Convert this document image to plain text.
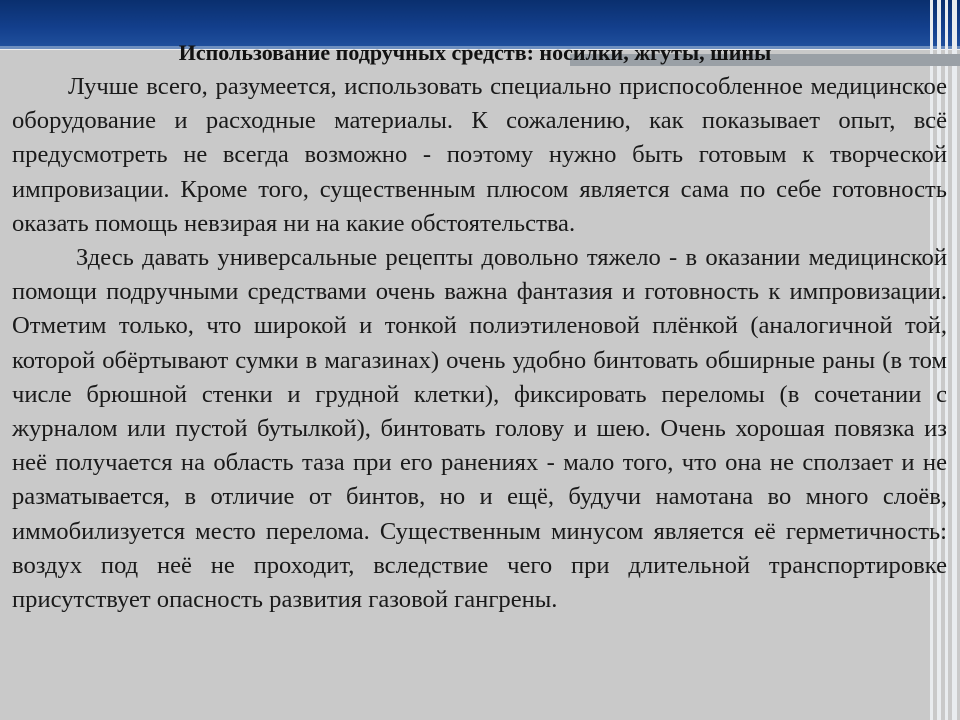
Использование подручных средств: носилки, жгуты, шины

Лучше всего, разумеется, использовать специально приспособленное медицинское оборудование и расходные материалы. К сожалению, как показывает опыт, всё предусмотреть не всегда возможно - поэтому нужно быть готовым к творческой импровизации. Кроме того, существенным плюсом является сама по себе готовность оказать помощь невзирая ни на какие обстоятельства.

Здесь давать универсальные рецепты довольно тяжело - в оказании медицинской помощи подручными средствами очень важна фантазия и готовность к импровизации. Отметим только, что широкой и тонкой полиэтиленовой плёнкой (аналогичной той, которой обёртывают сумки в магазинах) очень удобно бинтовать обширные раны (в том числе брюшной стенки и грудной клетки), фиксировать переломы (в сочетании с журналом или пустой бутылкой), бинтовать голову и шею. Очень хорошая повязка из неё получается на область таза при его ранениях - мало того, что она не сползает и не разматывается, в отличие от бинтов, но и ещё, будучи намотана во много слоёв, иммобилизуется место перелома. Существенным минусом является её герметичность: воздух под неё не проходит, вследствие чего при длительной транспортировке присутствует опасность развития газовой гангрены.
